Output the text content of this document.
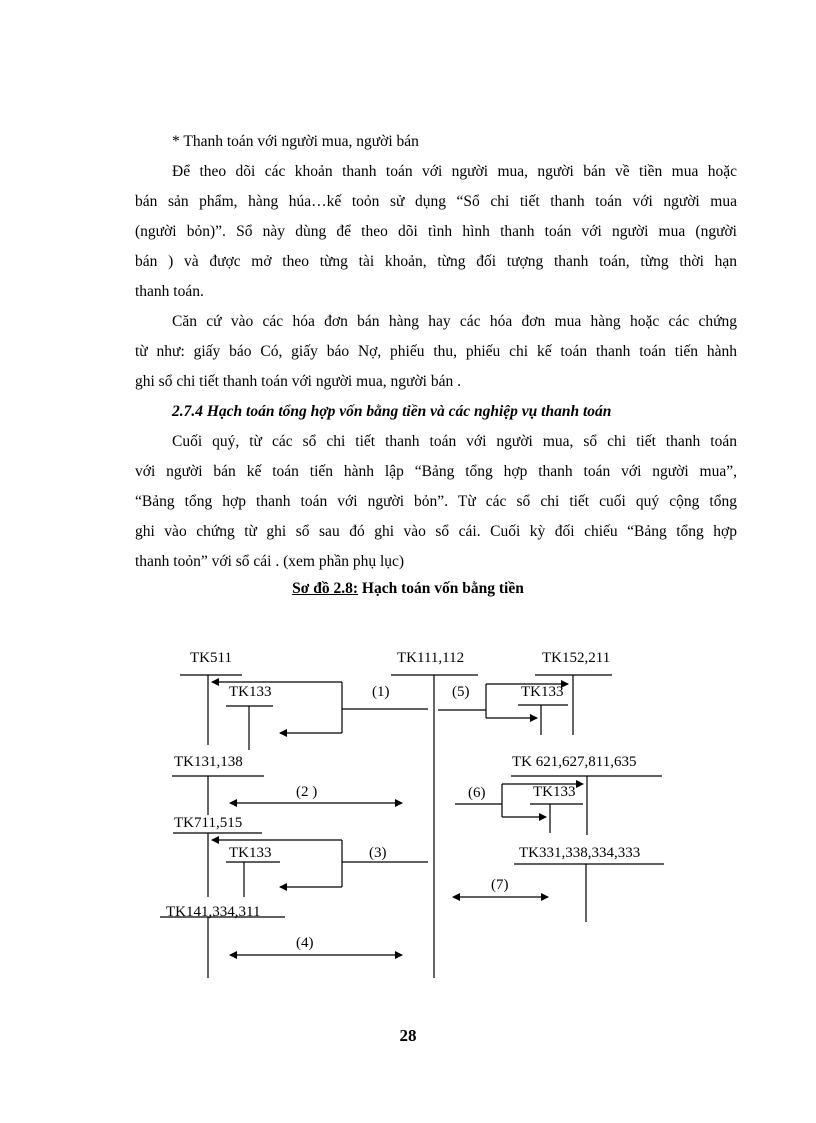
* Thanh toán với người mua, người bán
Để theo dõi các khoản thanh toán với người mua, người bán về tiền mua hoặc
bán sản phẩm, hàng húa…kế toỏn sử dụng “Sổ chi tiết thanh toán với người mua
(người bỏn)”. Sổ này dùng để theo dõi tình hình thanh toán với người mua (người
bán ) và được mở theo từng tài khoản, từng đối tượng thanh toán, từng thời hạn
thanh toán.
Căn cứ vào các hóa đơn bán hàng hay các hóa đơn mua hàng hoặc các chứng
từ như: giấy báo Có, giấy báo Nợ, phiếu thu, phiếu chi kế toán thanh toán tiến hành
ghi sổ chi tiết thanh toán với người mua, người bán .
2.7.4 Hạch toán tổng hợp vốn bằng tiền và các nghiệp vụ thanh toán
Cuối quý, từ các sổ chi tiết thanh toán với người mua, sổ chi tiết thanh toán
với người bán kế toán tiến hành lập “Bảng tổng hợp thanh toán với người mua”,
“Bảng tổng hợp thanh toán với người bỏn”. Từ các sổ chi tiết cuối quý cộng tổng
ghi vào chứng từ ghi sổ sau đó ghi vào sổ cái. Cuối kỳ đối chiếu “Bảng tổng hợp
thanh toỏn” với sổ cái . (xem phần phụ lục)
Sơ đồ 2.8: Hạch toán vốn bằng tiền
TK511	TK111,112	TK152,211
TK133	TK133
TK131,138	TK 621,627,811,635
TK133
TK711,515
TK133	TK331,338,334,333
TK141,334,311
(1)
(2 )
(3)
(4)
(5)
(6)
(7)
28
